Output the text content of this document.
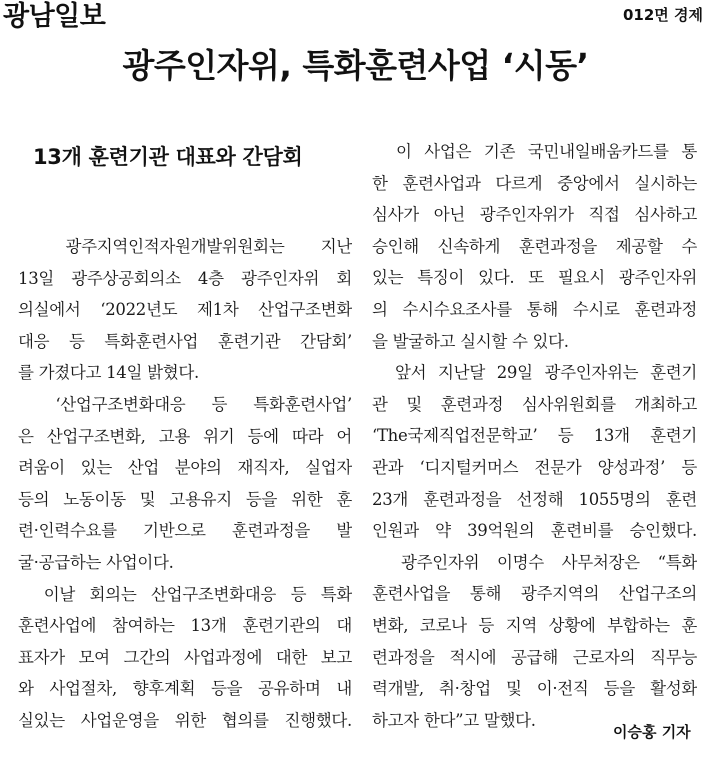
광남일보	012면 경제
광주인자위, 특화훈련사업 ‘시동’
13개 훈련기관 대표와 간담회
　광주지역인적자원개발위원회는 지난
13일 광주상공회의소 4층 광주인자위 회
의실에서 ‘2022년도 제1차 산업구조변화
대응 등 특화훈련사업 훈련기관 간담회’
를 가졌다고 14일 밝혔다.
　‘산업구조변화대응 등 특화훈련사업’
은 산업구조변화, 고용 위기 등에 따라 어
려움이 있는 산업 분야의 재직자, 실업자
등의 노동이동 및 고용유지 등을 위한 훈
련·인력수요를 기반으로 훈련과정을 발
굴·공급하는 사업이다.
　이날 회의는 산업구조변화대응 등 특화
훈련사업에 참여하는 13개 훈련기관의 대
표자가 모여 그간의 사업과정에 대한 보고
와 사업절차, 향후계획 등을 공유하며 내
실있는 사업운영을 위한 협의를 진행했다.
　이 사업은 기존 국민내일배움카드를 통
한 훈련사업과 다르게 중앙에서 실시하는
심사가 아닌 광주인자위가 직접 심사하고
승인해 신속하게 훈련과정을 제공할 수
있는 특징이 있다. 또 필요시 광주인자위
의 수시수요조사를 통해 수시로 훈련과정
을 발굴하고 실시할 수 있다.
　앞서 지난달 29일 광주인자위는 훈련기
관 및 훈련과정 심사위원회를 개최하고
‘The국제직업전문학교’ 등 13개 훈련기
관과 ‘디지털커머스 전문가 양성과정’ 등
23개 훈련과정을 선정해 1055명의 훈련
인원과 약 39억원의 훈련비를 승인했다.
　광주인자위 이명수 사무처장은 “특화
훈련사업을 통해 광주지역의 산업구조의
변화, 코로나 등 지역 상황에 부합하는 훈
련과정을 적시에 공급해 근로자의 직무능
력개발, 취·창업 및 이·전직 등을 활성화
하고자 한다”고 말했다.
이승홍 기자
